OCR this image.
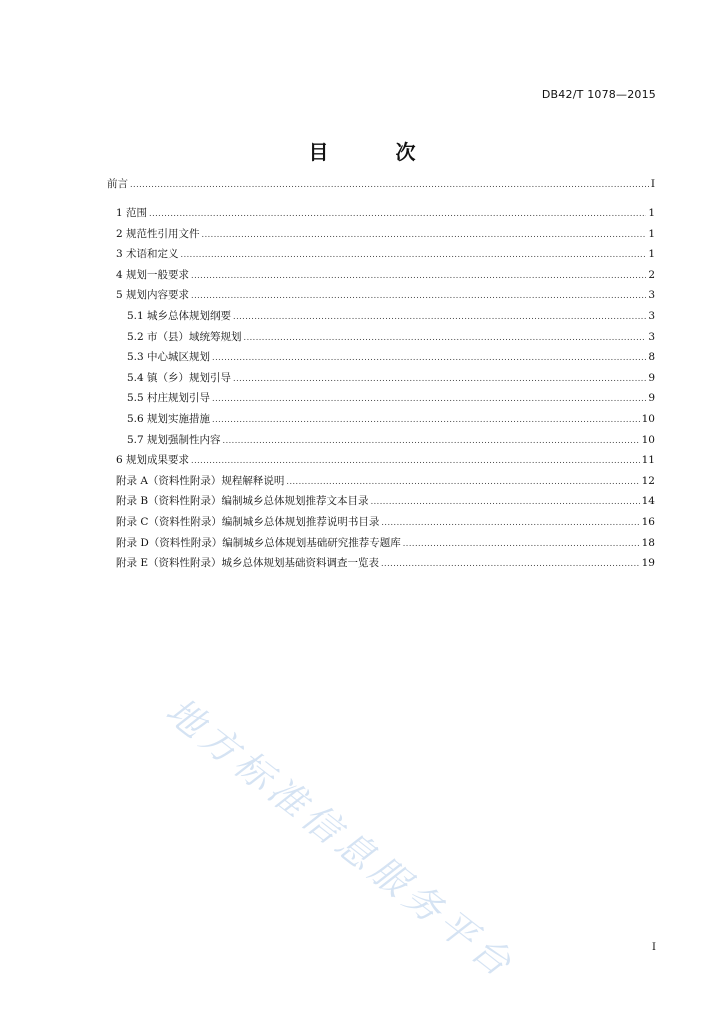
DB42/T 1078—2015
目 次
前言 .....	I
1 范围 .....	1
2 规范性引用文件 .....	1
3 术语和定义 .....	1
4 规划一般要求 .....	2
5 规划内容要求 .....	3
5.1 城乡总体规划纲要 .....	3
5.2 市（县）域统筹规划 .....	3
5.3 中心城区规划 .....	8
5.4 镇（乡）规划引导 .....	9
5.5 村庄规划引导 .....	9
5.6 规划实施措施 .....	10
5.7 规划强制性内容 .....	10
6 规划成果要求 .....	11
附录 A（资料性附录）规程解释说明 .....	12
附录 B（资料性附录）编制城乡总体规划推荐文本目录 .....	14
附录 C（资料性附录）编制城乡总体规划推荐说明书目录 .....	16
附录 D（资料性附录）编制城乡总体规划基础研究推荐专题库 .....	18
附录 E（资料性附录）城乡总体规划基础资料调查一览表 .....	19
地方标准信息服务平台	I
